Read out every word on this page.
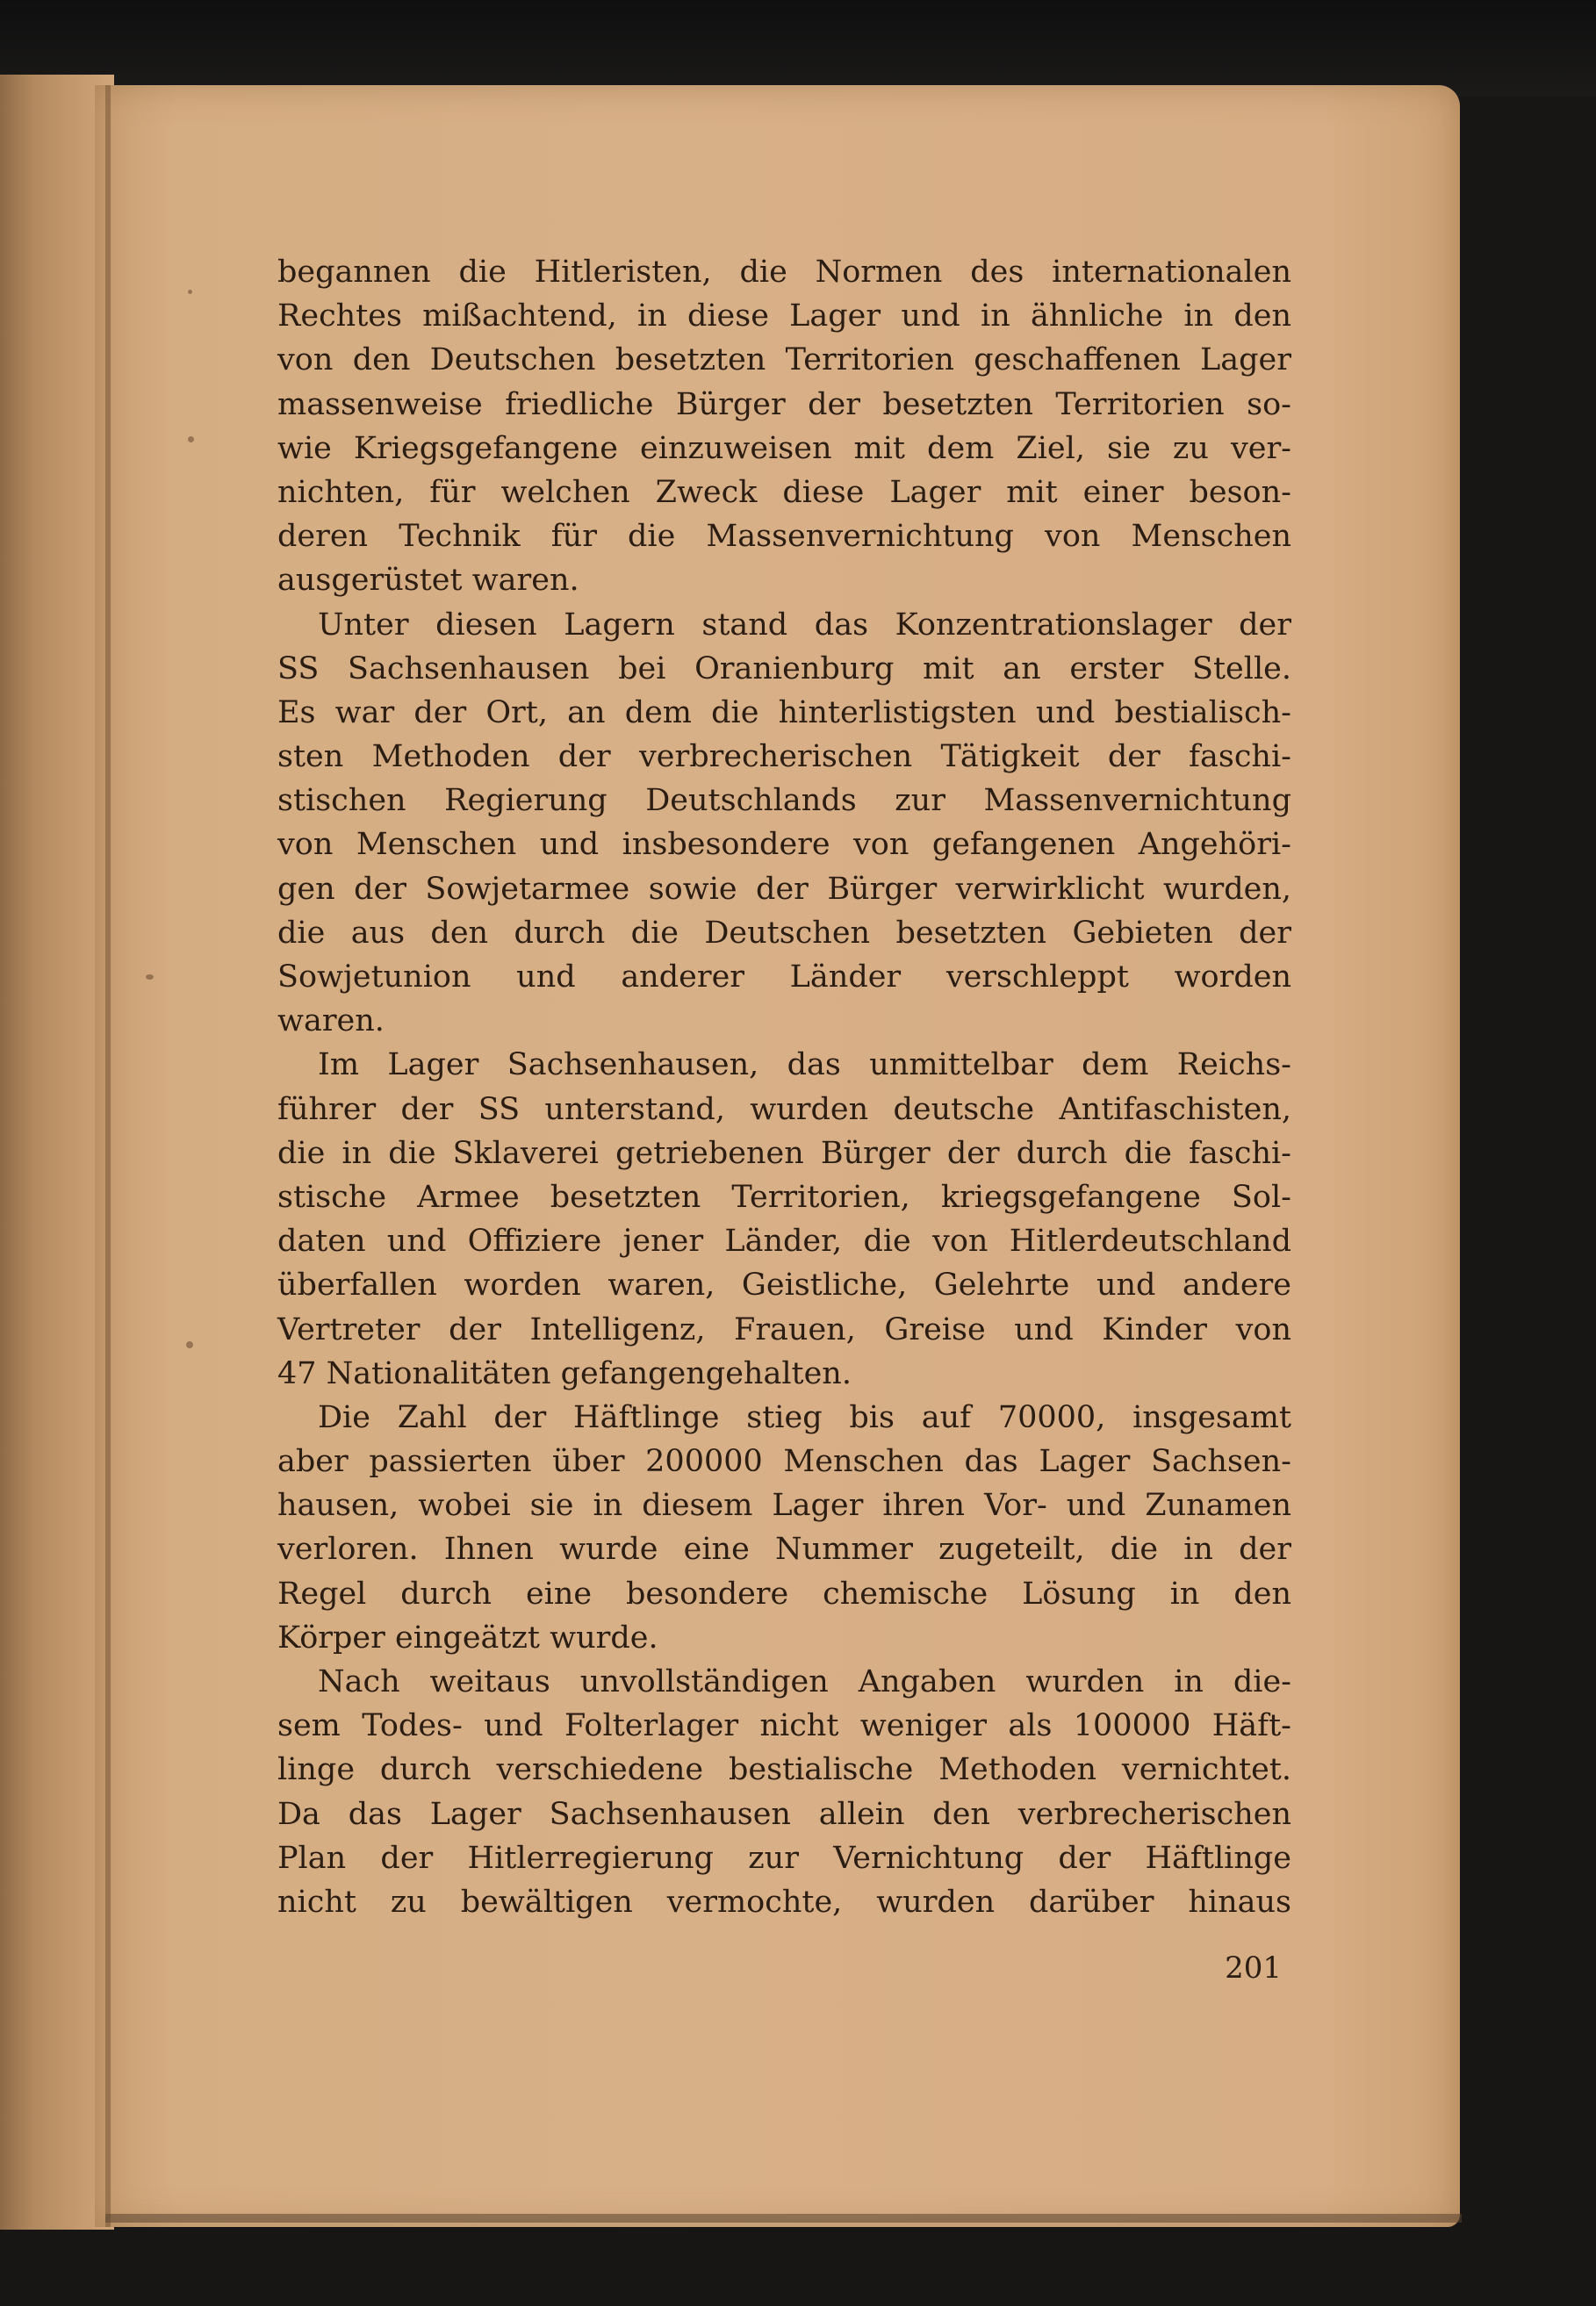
begannen die Hitleristen, die Normen des internationalen
Rechtes mißachtend, in diese Lager und in ähnliche in den
von den Deutschen besetzten Territorien geschaffenen Lager
massenweise friedliche Bürger der besetzten Territorien so-
wie Kriegsgefangene einzuweisen mit dem Ziel, sie zu ver-
nichten, für welchen Zweck diese Lager mit einer beson-
deren Technik für die Massenvernichtung von Menschen
ausgerüstet waren.
Unter diesen Lagern stand das Konzentrationslager der
SS Sachsenhausen bei Oranienburg mit an erster Stelle.
Es war der Ort, an dem die hinterlistigsten und bestialisch-
sten Methoden der verbrecherischen Tätigkeit der faschi-
stischen Regierung Deutschlands zur Massenvernichtung
von Menschen und insbesondere von gefangenen Angehöri-
gen der Sowjetarmee sowie der Bürger verwirklicht wurden,
die aus den durch die Deutschen besetzten Gebieten der
Sowjetunion und anderer Länder verschleppt worden
waren.
Im Lager Sachsenhausen, das unmittelbar dem Reichs-
führer der SS unterstand, wurden deutsche Antifaschisten,
die in die Sklaverei getriebenen Bürger der durch die faschi-
stische Armee besetzten Territorien, kriegsgefangene Sol-
daten und Offiziere jener Länder, die von Hitlerdeutschland
überfallen worden waren, Geistliche, Gelehrte und andere
Vertreter der Intelligenz, Frauen, Greise und Kinder von
47 Nationalitäten gefangengehalten.
Die Zahl der Häftlinge stieg bis auf 70000, insgesamt
aber passierten über 200000 Menschen das Lager Sachsen-
hausen, wobei sie in diesem Lager ihren Vor- und Zunamen
verloren. Ihnen wurde eine Nummer zugeteilt, die in der
Regel durch eine besondere chemische Lösung in den
Körper eingeätzt wurde.
Nach weitaus unvollständigen Angaben wurden in die-
sem Todes- und Folterlager nicht weniger als 100000 Häft-
linge durch verschiedene bestialische Methoden vernichtet.
Da das Lager Sachsenhausen allein den verbrecherischen
Plan der Hitlerregierung zur Vernichtung der Häftlinge
nicht zu bewältigen vermochte, wurden darüber hinaus
201
